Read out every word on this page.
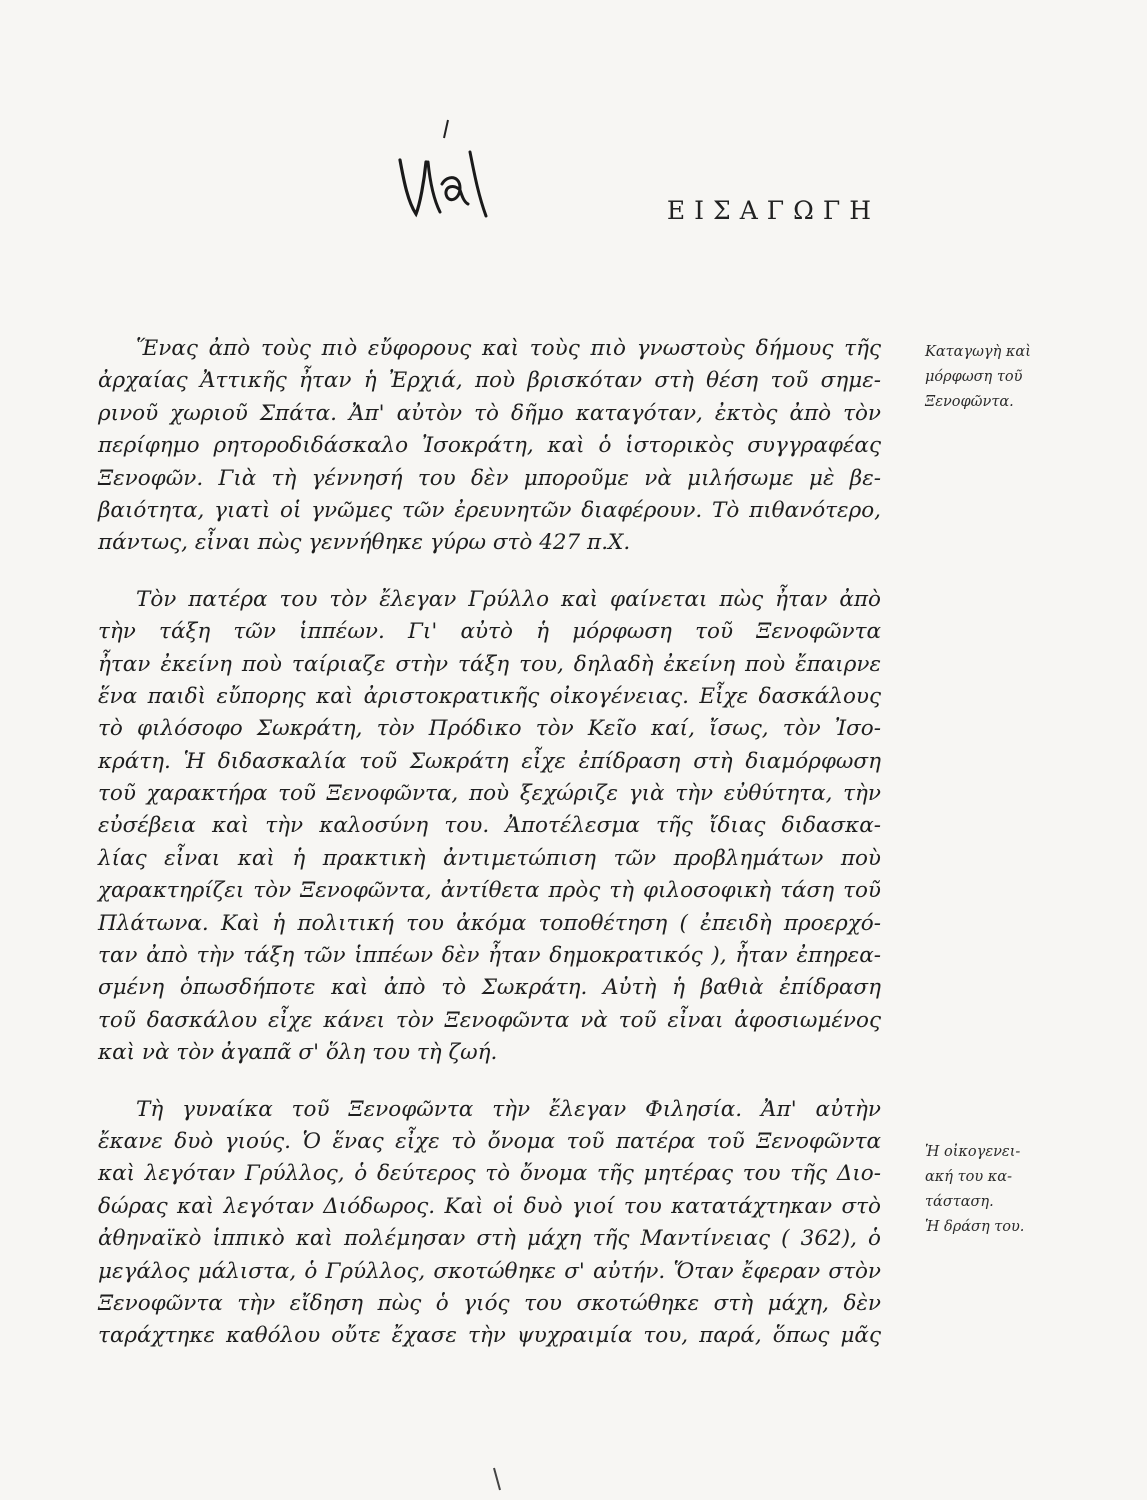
ΕΙΣΑΓΩΓΗ
Ἕνας ἀπὸ τοὺς πιὸ εὔφορους καὶ τοὺς πιὸ γνωστοὺς δήμους τῆς
ἀρχαίας Ἀττικῆς ἦταν ἡ Ἐρχιά, ποὺ βρισκόταν στὴ θέση τοῦ σημε-
ρινοῦ χωριοῦ Σπάτα. Ἀπ' αὐτὸν τὸ δῆμο καταγόταν, ἐκτὸς ἀπὸ τὸν
περίφημο ρητοροδιδάσκαλο Ἰσοκράτη, καὶ ὁ ἱστορικὸς συγγραφέας
Ξενοφῶν. Γιὰ τὴ γέννησή του δὲν μποροῦμε νὰ μιλήσωμε μὲ βε-
βαιότητα, γιατὶ οἱ γνῶμες τῶν ἐρευνητῶν διαφέρουν. Τὸ πιθανότερο,
πάντως, εἶναι πὼς γεννήθηκε γύρω στὸ 427 π.Χ.
Τὸν πατέρα του τὸν ἔλεγαν Γρύλλο καὶ φαίνεται πὼς ἦταν ἀπὸ
τὴν τάξη τῶν ἱππέων. Γι' αὐτὸ ἡ μόρφωση τοῦ Ξενοφῶντα
ἦταν ἐκείνη ποὺ ταίριαζε στὴν τάξη του, δηλαδὴ ἐκείνη ποὺ ἔπαιρνε
ἕνα παιδὶ εὔπορης καὶ ἀριστοκρατικῆς οἰκογένειας. Εἶχε δασκάλους
τὸ φιλόσοφο Σωκράτη, τὸν Πρόδικο τὸν Κεῖο καί, ἴσως, τὸν Ἰσο-
κράτη. Ἡ διδασκαλία τοῦ Σωκράτη εἶχε ἐπίδραση στὴ διαμόρφωση
τοῦ χαρακτήρα τοῦ Ξενοφῶντα, ποὺ ξεχώριζε γιὰ τὴν εὐθύτητα, τὴν
εὐσέβεια καὶ τὴν καλοσύνη του. Ἀποτέλεσμα τῆς ἴδιας διδασκα-
λίας εἶναι καὶ ἡ πρακτικὴ ἀντιμετώπιση τῶν προβλημάτων ποὺ
χαρακτηρίζει τὸν Ξενοφῶντα, ἀντίθετα πρὸς τὴ φιλοσοφικὴ τάση τοῦ
Πλάτωνα. Καὶ ἡ πολιτική του ἀκόμα τοποθέτηση ( ἐπειδὴ προερχό-
ταν ἀπὸ τὴν τάξη τῶν ἱππέων δὲν ἦταν δημοκρατικός ), ἦταν ἐπηρεα-
σμένη ὁπωσδήποτε καὶ ἀπὸ τὸ Σωκράτη. Αὐτὴ ἡ βαθιὰ ἐπίδραση
τοῦ δασκάλου εἶχε κάνει τὸν Ξενοφῶντα νὰ τοῦ εἶναι ἀφοσιωμένος
καὶ νὰ τὸν ἀγαπᾶ σ' ὅλη του τὴ ζωή.
Τὴ γυναίκα τοῦ Ξενοφῶντα τὴν ἔλεγαν Φιλησία. Ἀπ' αὐτὴν
ἔκανε δυὸ γιούς. Ὁ ἕνας εἶχε τὸ ὄνομα τοῦ πατέρα τοῦ Ξενοφῶντα
καὶ λεγόταν Γρύλλος, ὁ δεύτερος τὸ ὄνομα τῆς μητέρας του τῆς Διο-
δώρας καὶ λεγόταν Διόδωρος. Καὶ οἱ δυὸ γιοί του κατατάχτηκαν στὸ
ἀθηναϊκὸ ἱππικὸ καὶ πολέμησαν στὴ μάχη τῆς Μαντίνειας ( 362), ὁ
μεγάλος μάλιστα, ὁ Γρύλλος, σκοτώθηκε σ' αὐτήν. Ὅταν ἔφεραν στὸν
Ξενοφῶντα τὴν εἴδηση πὼς ὁ γιός του σκοτώθηκε στὴ μάχη, δὲν
ταράχτηκε καθόλου οὔτε ἔχασε τὴν ψυχραιμία του, παρά, ὅπως μᾶς
Καταγωγὴ καὶ
μόρφωση τοῦ
Ξενοφῶντα.
Ἡ οἰκογενει-
ακή του κα-
τάσταση.
Ἡ δράση του.
